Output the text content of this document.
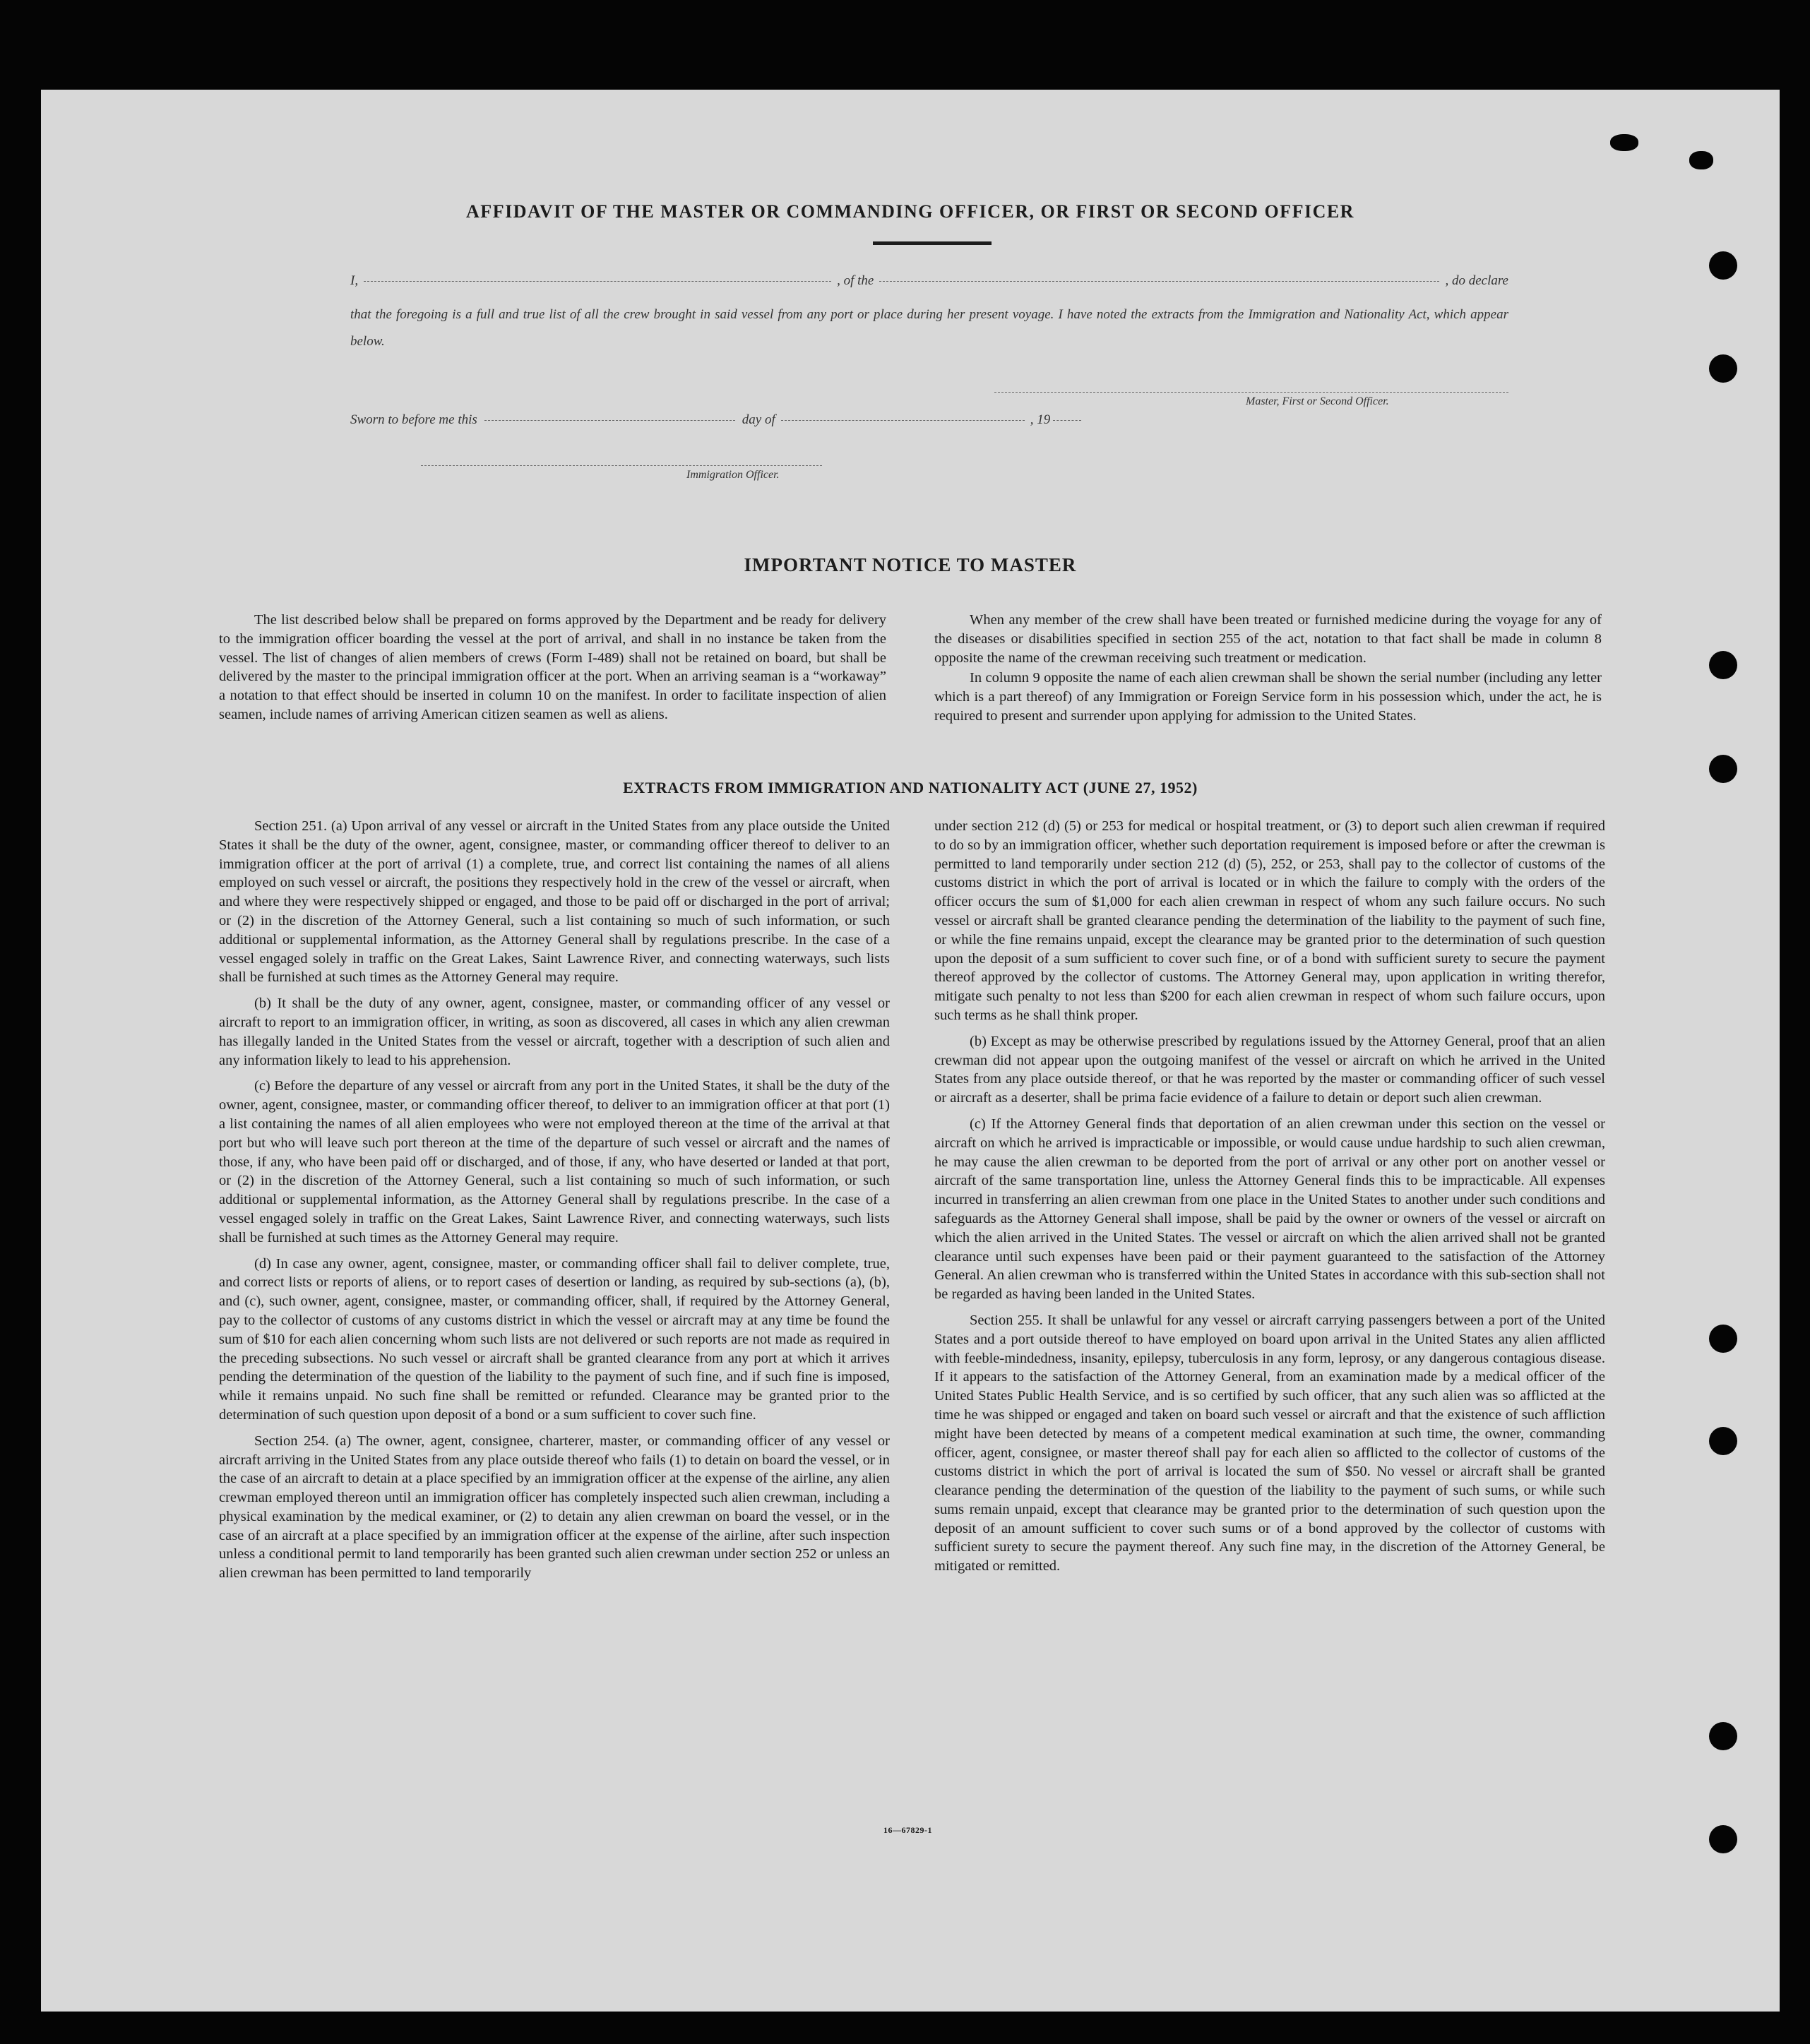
AFFIDAVIT OF THE MASTER OR COMMANDING OFFICER, OR FIRST OR SECOND OFFICER
I,	, of the	, do declare

that the foregoing is a full and true list of all the crew brought in said vessel from any port or place during her present voyage. I have noted the extracts from the Immigration and Nationality Act, which appear below.

Master, First or Second Officer.
Sworn to before me this	day of	, 19
Immigration Officer.
IMPORTANT NOTICE TO MASTER

The list described below shall be prepared on forms approved by the Department and be ready for delivery to the immigration officer boarding the vessel at the port of arrival, and shall in no instance be taken from the vessel. The list of changes of alien members of crews (Form I-489) shall not be retained on board, but shall be delivered by the master to the principal immigration officer at the port. When an arriving seaman is a “workaway” a notation to that effect should be inserted in column 10 on the manifest. In order to facilitate inspection of alien seamen, include names of arriving American citizen seamen as well as aliens.

When any member of the crew shall have been treated or furnished medicine during the voyage for any of the diseases or disabilities specified in section 255 of the act, notation to that fact shall be made in column 8 opposite the name of the crewman receiving such treatment or medication.

In column 9 opposite the name of each alien crewman shall be shown the serial number (including any letter which is a part thereof) of any Immigration or Foreign Service form in his possession which, under the act, he is required to present and surrender upon applying for admission to the United States.

EXTRACTS FROM IMMIGRATION AND NATIONALITY ACT (JUNE 27, 1952)

Section 251. (a) Upon arrival of any vessel or aircraft in the United States from any place outside the United States it shall be the duty of the owner, agent, consignee, master, or commanding officer thereof to deliver to an immigration officer at the port of arrival (1) a complete, true, and correct list containing the names of all aliens employed on such vessel or aircraft, the positions they respectively hold in the crew of the vessel or aircraft, when and where they were respectively shipped or engaged, and those to be paid off or discharged in the port of arrival; or (2) in the discretion of the Attorney General, such a list containing so much of such information, or such additional or supplemental information, as the Attorney General shall by regulations prescribe. In the case of a vessel engaged solely in traffic on the Great Lakes, Saint Lawrence River, and connecting waterways, such lists shall be furnished at such times as the Attorney General may require.

(b) It shall be the duty of any owner, agent, consignee, master, or commanding officer of any vessel or aircraft to report to an immigration officer, in writing, as soon as discovered, all cases in which any alien crewman has illegally landed in the United States from the vessel or aircraft, together with a description of such alien and any information likely to lead to his apprehension.

(c) Before the departure of any vessel or aircraft from any port in the United States, it shall be the duty of the owner, agent, consignee, master, or commanding officer thereof, to deliver to an immigration officer at that port (1) a list containing the names of all alien employees who were not employed thereon at the time of the arrival at that port but who will leave such port thereon at the time of the departure of such vessel or aircraft and the names of those, if any, who have been paid off or discharged, and of those, if any, who have deserted or landed at that port, or (2) in the discretion of the Attorney General, such a list containing so much of such information, or such additional or supplemental information, as the Attorney General shall by regulations prescribe. In the case of a vessel engaged solely in traffic on the Great Lakes, Saint Lawrence River, and connecting waterways, such lists shall be furnished at such times as the Attorney General may require.

(d) In case any owner, agent, consignee, master, or commanding officer shall fail to deliver complete, true, and correct lists or reports of aliens, or to report cases of desertion or landing, as required by sub-sections (a), (b), and (c), such owner, agent, consignee, master, or commanding officer, shall, if required by the Attorney General, pay to the collector of customs of any customs district in which the vessel or aircraft may at any time be found the sum of $10 for each alien concerning whom such lists are not delivered or such reports are not made as required in the preceding subsections. No such vessel or aircraft shall be granted clearance from any port at which it arrives pending the determination of the question of the liability to the payment of such fine, and if such fine is imposed, while it remains unpaid. No such fine shall be remitted or refunded. Clearance may be granted prior to the determination of such question upon deposit of a bond or a sum sufficient to cover such fine.

Section 254. (a) The owner, agent, consignee, charterer, master, or commanding officer of any vessel or aircraft arriving in the United States from any place outside thereof who fails (1) to detain on board the vessel, or in the case of an aircraft to detain at a place specified by an immigration officer at the expense of the airline, any alien crewman employed thereon until an immigration officer has completely inspected such alien crewman, including a physical examination by the medical examiner, or (2) to detain any alien crewman on board the vessel, or in the case of an aircraft at a place specified by an immigration officer at the expense of the airline, after such inspection unless a conditional permit to land temporarily has been granted such alien crewman under section 252 or unless an alien crewman has been permitted to land temporarily

under section 212 (d) (5) or 253 for medical or hospital treatment, or (3) to deport such alien crewman if required to do so by an immigration officer, whether such deportation requirement is imposed before or after the crewman is permitted to land temporarily under section 212 (d) (5), 252, or 253, shall pay to the collector of customs of the customs district in which the port of arrival is located or in which the failure to comply with the orders of the officer occurs the sum of $1,000 for each alien crewman in respect of whom any such failure occurs. No such vessel or aircraft shall be granted clearance pending the determination of the liability to the payment of such fine, or while the fine remains unpaid, except the clearance may be granted prior to the determination of such question upon the deposit of a sum sufficient to cover such fine, or of a bond with sufficient surety to secure the payment thereof approved by the collector of customs. The Attorney General may, upon application in writing therefor, mitigate such penalty to not less than $200 for each alien crewman in respect of whom such failure occurs, upon such terms as he shall think proper.

(b) Except as may be otherwise prescribed by regulations issued by the Attorney General, proof that an alien crewman did not appear upon the outgoing manifest of the vessel or aircraft on which he arrived in the United States from any place outside thereof, or that he was reported by the master or commanding officer of such vessel or aircraft as a deserter, shall be prima facie evidence of a failure to detain or deport such alien crewman.

(c) If the Attorney General finds that deportation of an alien crewman under this section on the vessel or aircraft on which he arrived is impracticable or impossible, or would cause undue hardship to such alien crewman, he may cause the alien crewman to be deported from the port of arrival or any other port on another vessel or aircraft of the same transportation line, unless the Attorney General finds this to be impracticable. All expenses incurred in transferring an alien crewman from one place in the United States to another under such conditions and safeguards as the Attorney General shall impose, shall be paid by the owner or owners of the vessel or aircraft on which the alien arrived in the United States. The vessel or aircraft on which the alien arrived shall not be granted clearance until such expenses have been paid or their payment guaranteed to the satisfaction of the Attorney General. An alien crewman who is transferred within the United States in accordance with this sub-section shall not be regarded as having been landed in the United States.

Section 255. It shall be unlawful for any vessel or aircraft carrying passengers between a port of the United States and a port outside thereof to have employed on board upon arrival in the United States any alien afflicted with feeble-mindedness, insanity, epilepsy, tuberculosis in any form, leprosy, or any dangerous contagious disease. If it appears to the satisfaction of the Attorney General, from an examination made by a medical officer of the United States Public Health Service, and is so certified by such officer, that any such alien was so afflicted at the time he was shipped or engaged and taken on board such vessel or aircraft and that the existence of such affliction might have been detected by means of a competent medical examination at such time, the owner, commanding officer, agent, consignee, or master thereof shall pay for each alien so afflicted to the collector of customs of the customs district in which the port of arrival is located the sum of $50. No vessel or aircraft shall be granted clearance pending the determination of the question of the liability to the payment of such sums, or while such sums remain unpaid, except that clearance may be granted prior to the determination of such question upon the deposit of an amount sufficient to cover such sums or of a bond approved by the collector of customs with sufficient surety to secure the payment thereof. Any such fine may, in the discretion of the Attorney General, be mitigated or remitted.

16—67829-1
